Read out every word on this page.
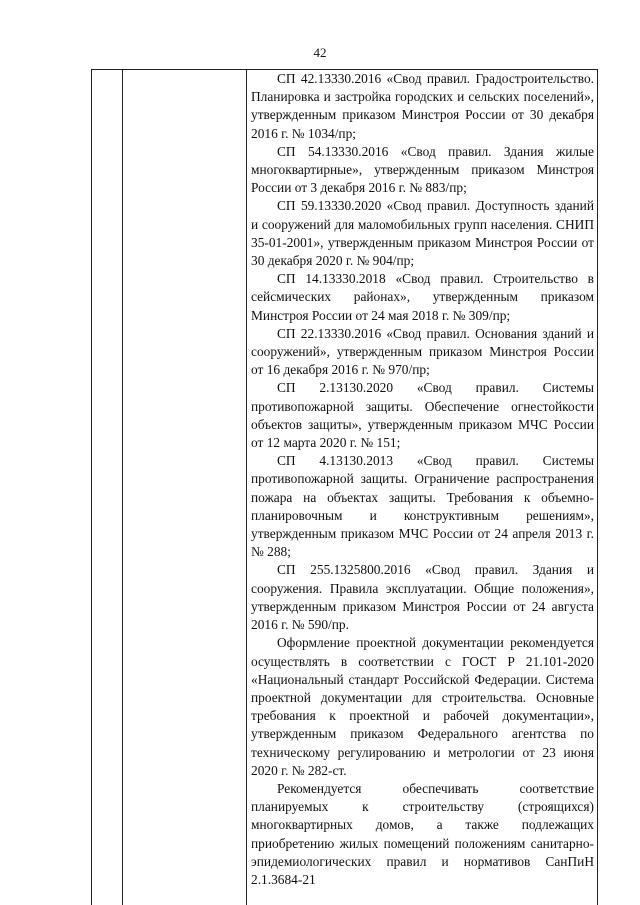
42

СП 42.13330.2016 «Свод правил. Градостроительство. Планировка и застройка городских и сельских поселений», утвержденным приказом Минстроя России от 30 декабря 2016 г. № 1034/пр;

СП 54.13330.2016 «Свод правил. Здания жилые многоквартирные», утвержденным приказом Минстроя России от 3 декабря 2016 г. № 883/пр;

СП 59.13330.2020 «Свод правил. Доступность зданий и сооружений для маломобильных групп населения. СНИП 35-01-2001», утвержденным приказом Минстроя России от 30 декабря 2020 г. № 904/пр;

СП 14.13330.2018 «Свод правил. Строительство в сейсмических районах», утвержденным приказом Минстроя России от 24 мая 2018 г. № 309/пр;

СП 22.13330.2016 «Свод правил. Основания зданий и сооружений», утвержденным приказом Минстроя России от 16 декабря 2016 г. № 970/пр;

СП 2.13130.2020 «Свод правил. Системы противопожарной защиты. Обеспечение огнестойкости объектов защиты», утвержденным приказом МЧС России от 12 марта 2020 г. № 151;

СП 4.13130.2013 «Свод правил. Системы противопожарной защиты. Ограничение распространения пожара на объектах защиты. Требования к объемно-планировочным и конструктивным решениям», утвержденным приказом МЧС России от 24 апреля 2013 г. № 288;

СП 255.1325800.2016 «Свод правил. Здания и сооружения. Правила эксплуатации. Общие положения», утвержденным приказом Минстроя России от 24 августа 2016 г. № 590/пр.

Оформление проектной документации рекомендуется осуществлять в соответствии с ГОСТ Р 21.101-2020 «Национальный стандарт Российской Федерации. Система проектной документации для строительства. Основные требования к проектной и рабочей документации», утвержденным приказом Федерального агентства по техническому регулированию и метрологии от 23 июня 2020 г. № 282-ст.

Рекомендуется обеспечивать соответствие планируемых к строительству (строящихся) многоквартирных домов, а также подлежащих приобретению жилых помещений положениям санитарно-эпидемиологических правил и нормативов СанПиН 2.1.3684-21
